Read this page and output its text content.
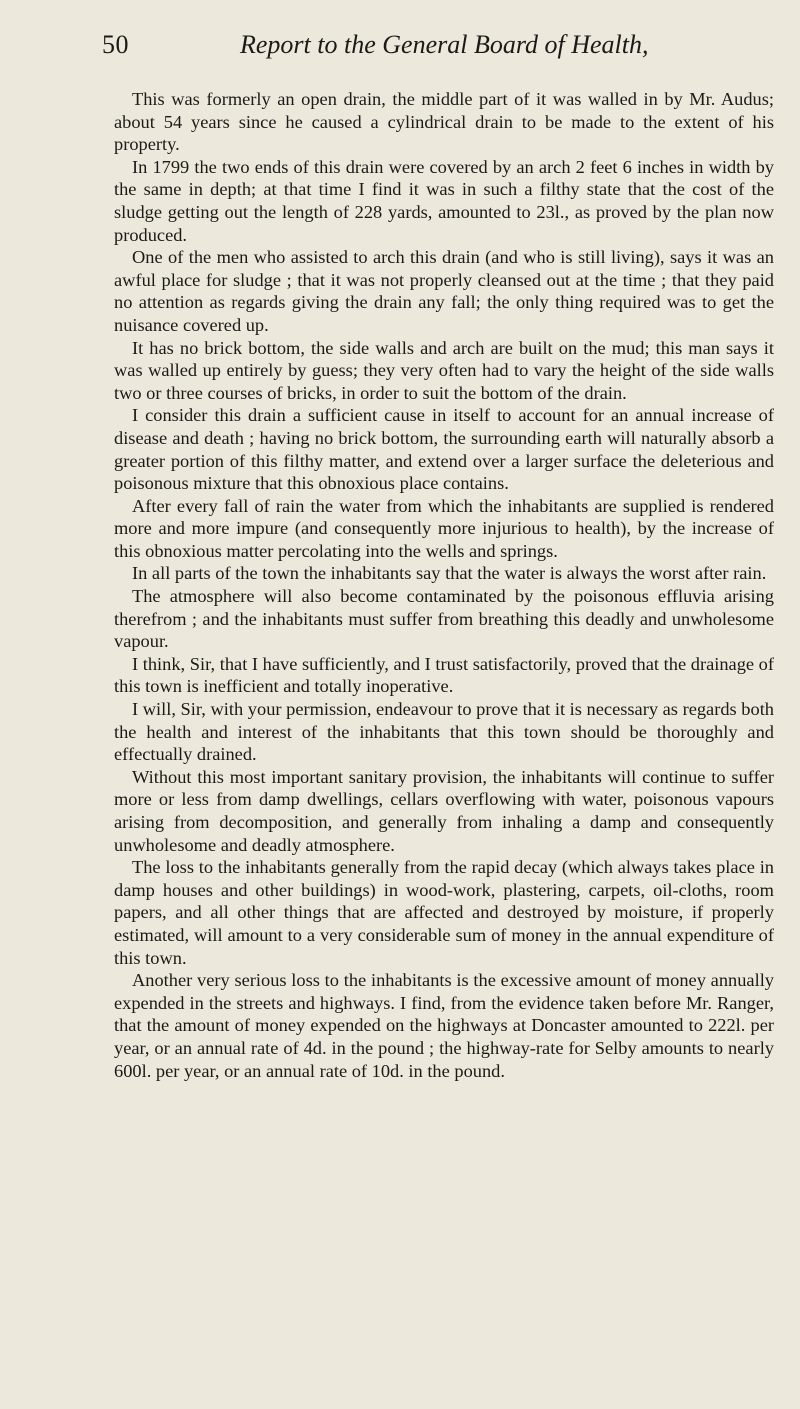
50	Report to the General Board of Health,

This was formerly an open drain, the middle part of it was walled in by Mr. Audus; about 54 years since he caused a cylindrical drain to be made to the extent of his property.

In 1799 the two ends of this drain were covered by an arch 2 feet 6 inches in width by the same in depth; at that time I find it was in such a filthy state that the cost of the sludge getting out the length of 228 yards, amounted to 23l., as proved by the plan now produced.

One of the men who assisted to arch this drain (and who is still living), says it was an awful place for sludge ; that it was not properly cleansed out at the time ; that they paid no attention as regards giving the drain any fall; the only thing required was to get the nuisance covered up.

It has no brick bottom, the side walls and arch are built on the mud; this man says it was walled up entirely by guess; they very often had to vary the height of the side walls two or three courses of bricks, in order to suit the bottom of the drain.

I consider this drain a sufficient cause in itself to account for an annual increase of disease and death ; having no brick bottom, the surrounding earth will naturally absorb a greater portion of this filthy matter, and extend over a larger surface the deleterious and poisonous mixture that this obnoxious place contains.

After every fall of rain the water from which the inhabitants are supplied is rendered more and more impure (and consequently more injurious to health), by the increase of this obnoxious matter percolating into the wells and springs.

In all parts of the town the inhabitants say that the water is always the worst after rain.

The atmosphere will also become contaminated by the poisonous effluvia arising therefrom ; and the inhabitants must suffer from breathing this deadly and unwholesome vapour.

I think, Sir, that I have sufficiently, and I trust satisfactorily, proved that the drainage of this town is inefficient and totally inoperative.

I will, Sir, with your permission, endeavour to prove that it is necessary as regards both the health and interest of the inhabitants that this town should be thoroughly and effectually drained.

Without this most important sanitary provision, the inhabitants will continue to suffer more or less from damp dwellings, cellars overflowing with water, poisonous vapours arising from decomposition, and generally from inhaling a damp and consequently unwholesome and deadly atmosphere.

The loss to the inhabitants generally from the rapid decay (which always takes place in damp houses and other buildings) in wood-work, plastering, carpets, oil-cloths, room papers, and all other things that are affected and destroyed by moisture, if properly estimated, will amount to a very considerable sum of money in the annual expenditure of this town.

Another very serious loss to the inhabitants is the excessive amount of money annually expended in the streets and highways. I find, from the evidence taken before Mr. Ranger, that the amount of money expended on the highways at Doncaster amounted to 222l. per year, or an annual rate of 4d. in the pound ; the highway-rate for Selby amounts to nearly 600l. per year, or an annual rate of 10d. in the pound.
